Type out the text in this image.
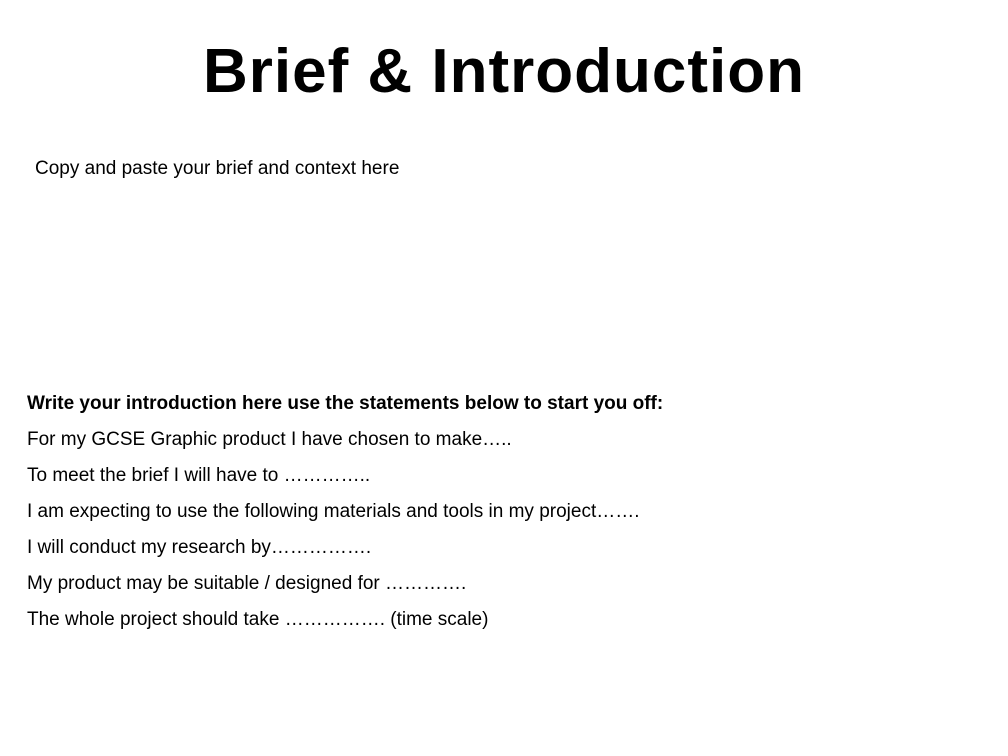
Brief & Introduction

Copy and paste your brief and context here

Write your introduction here use the statements below to start you off:

For my GCSE Graphic product I have chosen to make…..
To meet the brief I will have to …………..
I am expecting to use the following materials and tools in my project…….
I will conduct my research by…………….
My product may be suitable / designed for ………….
The whole project should take ……………. (time scale)
